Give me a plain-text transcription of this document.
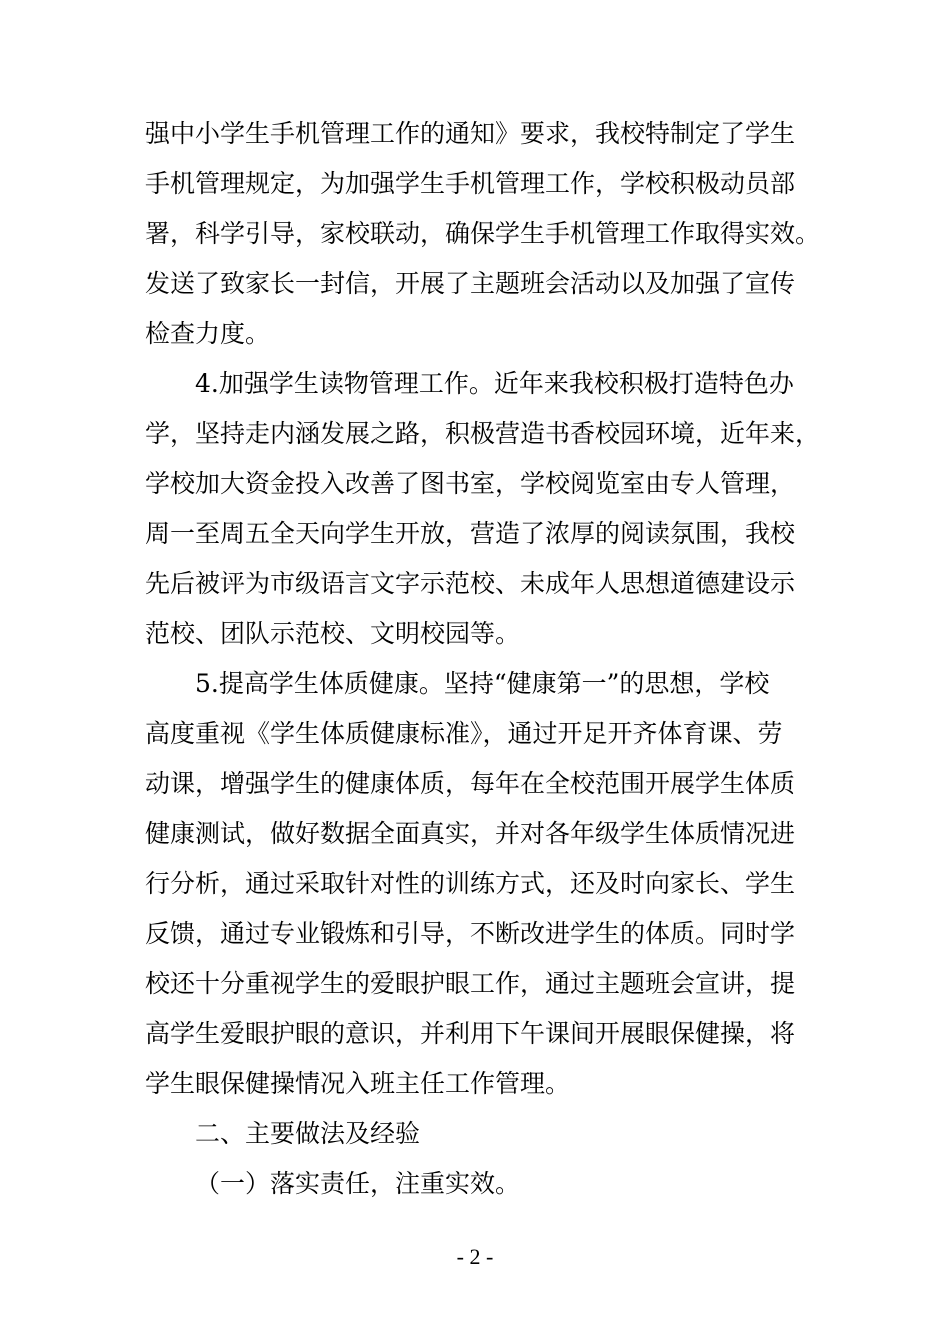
强中小学生手机管理工作的通知》要求，我校特制定了学生
手机管理规定，为加强学生手机管理工作，学校积极动员部
署，科学引导，家校联动，确保学生手机管理工作取得实效。
发送了致家长一封信，开展了主题班会活动以及加强了宣传
检查力度。
4.加强学生读物管理工作。近年来我校积极打造特色办
学，坚持走内涵发展之路，积极营造书香校园环境，近年来，
学校加大资金投入改善了图书室，学校阅览室由专人管理，
周一至周五全天向学生开放，营造了浓厚的阅读氛围，我校
先后被评为市级语言文字示范校、未成年人思想道德建设示
范校、团队示范校、文明校园等。
5.提高学生体质健康。坚持“健康第一”的思想，学校
高度重视《学生体质健康标准》，通过开足开齐体育课、劳
动课，增强学生的健康体质，每年在全校范围开展学生体质
健康测试，做好数据全面真实，并对各年级学生体质情况进
行分析，通过采取针对性的训练方式，还及时向家长、学生
反馈，通过专业锻炼和引导，不断改进学生的体质。同时学
校还十分重视学生的爱眼护眼工作，通过主题班会宣讲，提
高学生爱眼护眼的意识，并利用下午课间开展眼保健操，将
学生眼保健操情况入班主任工作管理。
二、主要做法及经验
（一）落实责任，注重实效。
- 2 -
